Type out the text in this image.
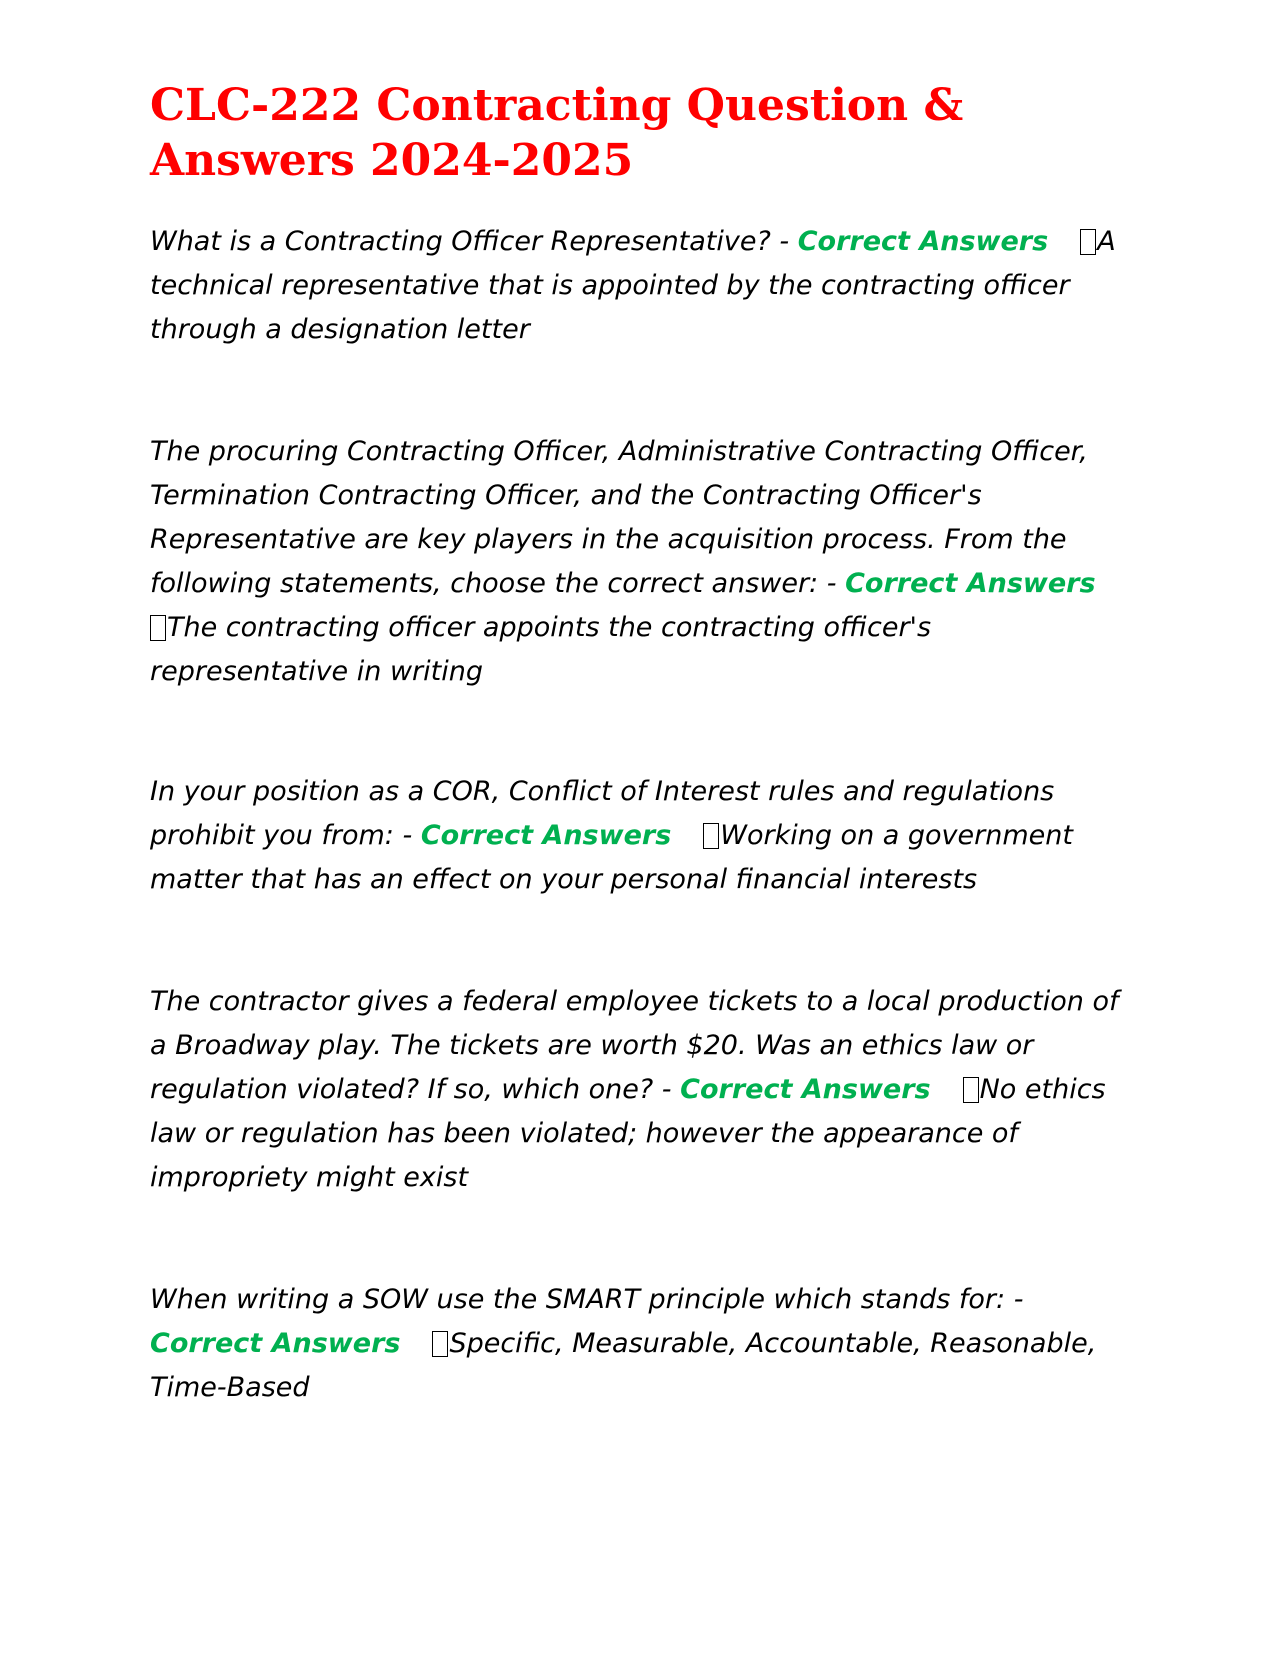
CLC-222 Contracting Question & Answers 2024-2025

What is a Contracting Officer Representative? - Correct Answers A technical representative that is appointed by the contracting officer through a designation letter

The procuring Contracting Officer, Administrative Contracting Officer, Termination Contracting Officer, and the Contracting Officer's Representative are key players in the acquisition process. From the following statements, choose the correct answer: - Correct Answers The contracting officer appoints the contracting officer's representative in writing

In your position as a COR, Conflict of Interest rules and regulations prohibit you from: - Correct Answers Working on a government matter that has an effect on your personal financial interests

The contractor gives a federal employee tickets to a local production of a Broadway play. The tickets are worth $20. Was an ethics law or regulation violated? If so, which one? - Correct Answers No ethics law or regulation has been violated; however the appearance of impropriety might exist

When writing a SOW use the SMART principle which stands for: - Correct Answers Specific, Measurable, Accountable, Reasonable, Time-Based
